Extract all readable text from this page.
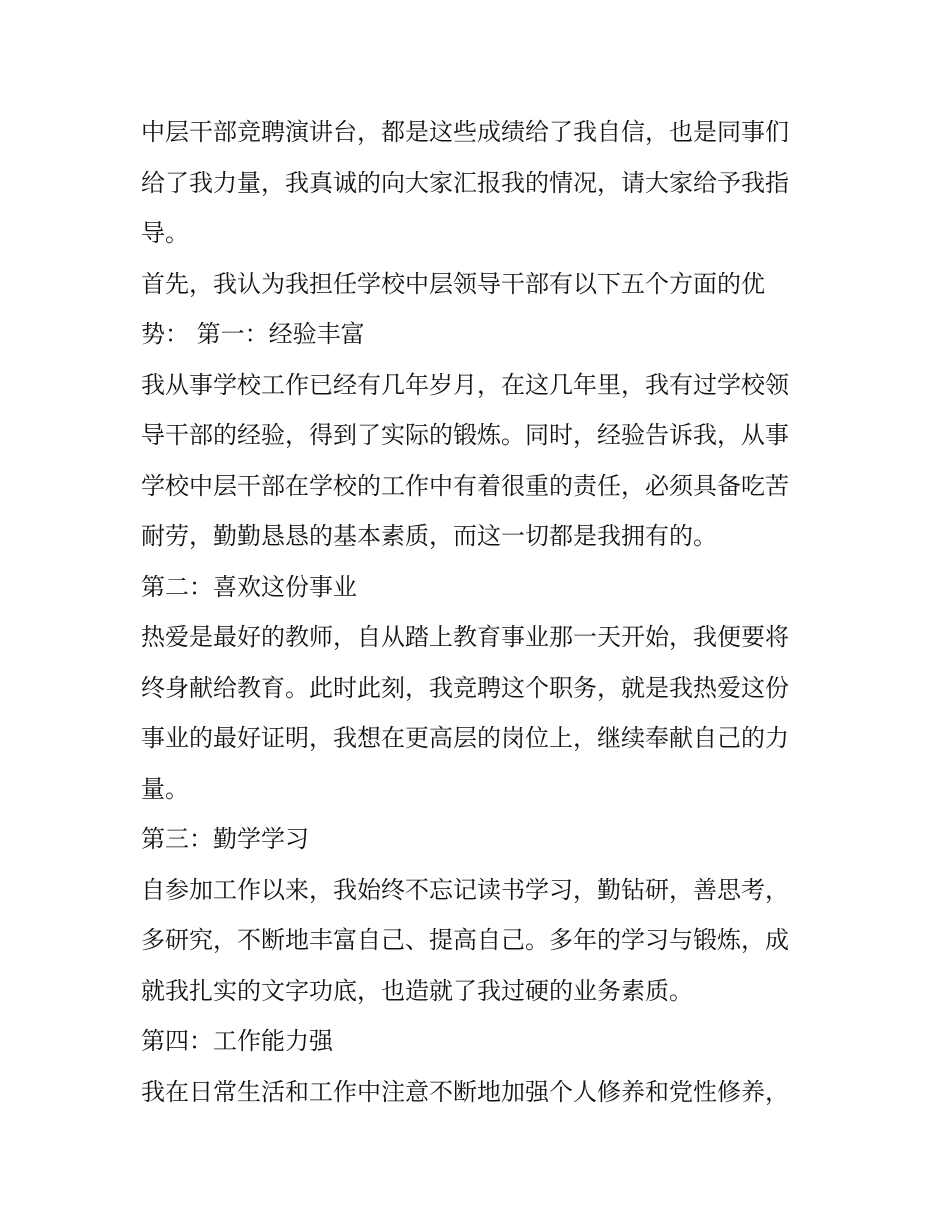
中层干部竞聘演讲台，都是这些成绩给了我自信，也是同事们
给了我力量，我真诚的向大家汇报我的情况，请大家给予我指
导。
首先，我认为我担任学校中层领导干部有以下五个方面的优
势： 第一：经验丰富
我从事学校工作已经有几年岁月，在这几年里，我有过学校领
导干部的经验，得到了实际的锻炼。同时，经验告诉我，从事
学校中层干部在学校的工作中有着很重的责任，必须具备吃苦
耐劳，勤勤恳恳的基本素质，而这一切都是我拥有的。
第二：喜欢这份事业
热爱是最好的教师，自从踏上教育事业那一天开始，我便要将
终身献给教育。此时此刻，我竞聘这个职务，就是我热爱这份
事业的最好证明，我想在更高层的岗位上，继续奉献自己的力
量。
第三：勤学学习
自参加工作以来，我始终不忘记读书学习，勤钻研，善思考，
多研究，不断地丰富自己、提高自己。多年的学习与锻炼，成
就我扎实的文字功底，也造就了我过硬的业务素质。
第四：工作能力强
我在日常生活和工作中注意不断地加强个人修养和党性修养，
